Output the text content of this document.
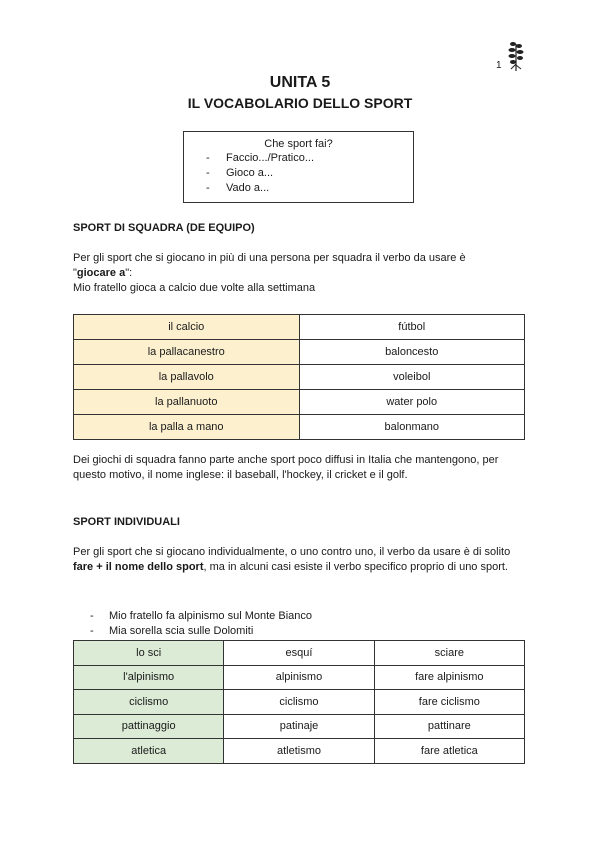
1
UNITA 5
IL VOCABOLARIO DELLO SPORT
Che sport fai?
- Faccio.../Pratico...
- Gioco a...
- Vado a...
SPORT DI SQUADRA (DE EQUIPO)
Per gli sport che si giocano in più di una persona per squadra il verbo da usare è
"giocare a":
Mio fratello gioca a calcio due volte alla settimana
il calcio	fútbol
la pallacanestro	baloncesto
la pallavolo	voleibol
la pallanuoto	water polo
la palla a mano	balonmano
Dei giochi di squadra fanno parte anche sport poco diffusi in Italia che mantengono, per questo motivo, il nome inglese: il baseball, l'hockey, il cricket e il golf.
SPORT INDIVIDUALI
Per gli sport che si giocano individualmente, o uno contro uno, il verbo da usare è di solito fare + il nome dello sport, ma in alcuni casi esiste il verbo specifico proprio di uno sport.
- Mio fratello fa alpinismo sul Monte Bianco
- Mia sorella scia sulle Dolomiti
lo sci	esquí	sciare
l'alpinismo	alpinismo	fare alpinismo
ciclismo	ciclismo	fare ciclismo
pattinaggio	patinaje	pattinare
atletica	atletismo	fare atletica
